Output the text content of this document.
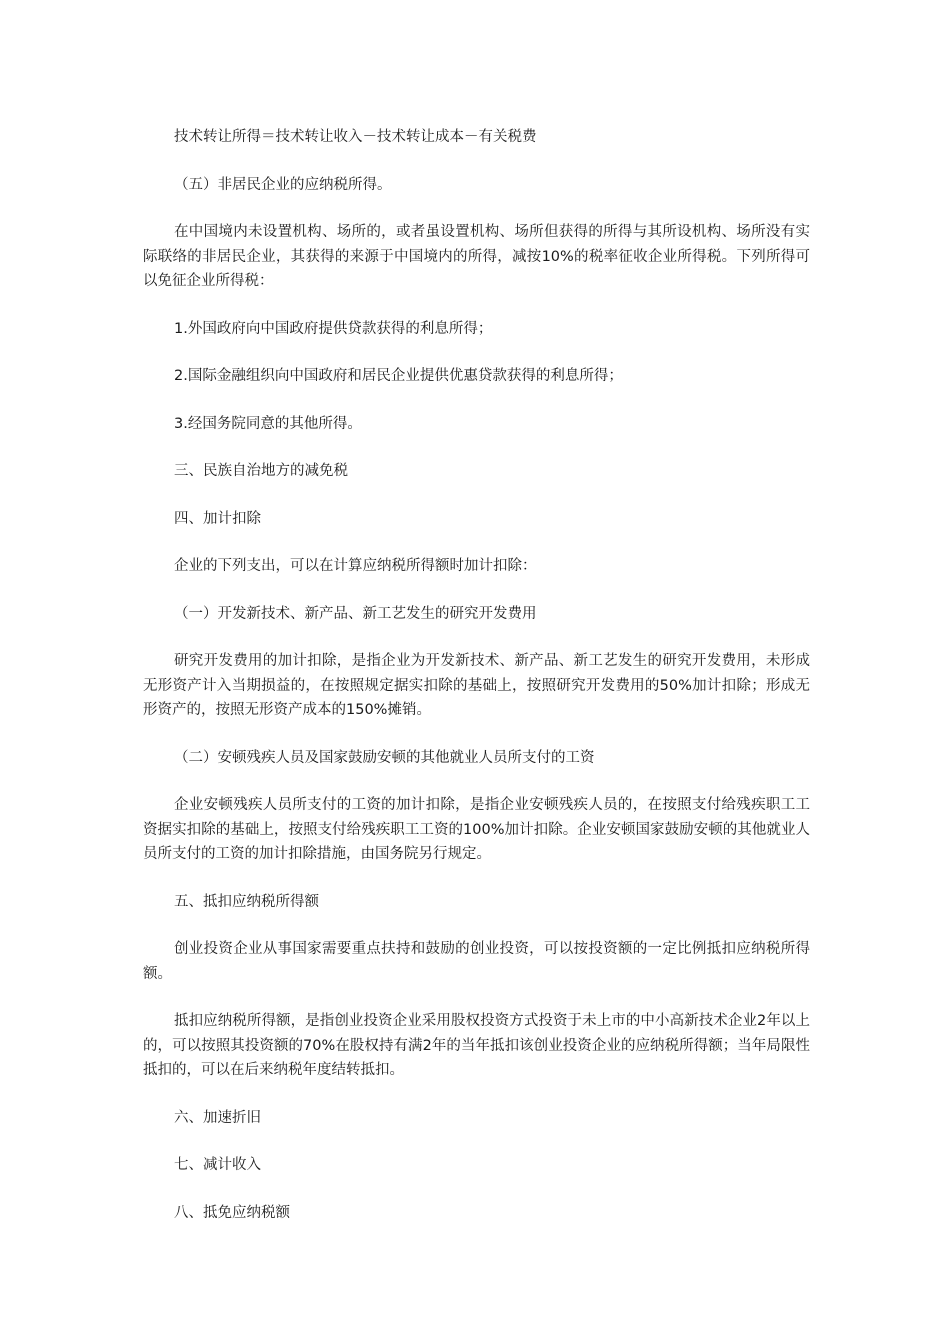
技术转让所得＝技术转让收入－技术转让成本－有关税费

（五）非居民企业的应纳税所得。

在中国境内未设置机构、场所的，或者虽设置机构、场所但获得的所得与其所设机构、场所没有实际联络的非居民企业，其获得的来源于中国境内的所得，减按10%的税率征收企业所得税。下列所得可以免征企业所得税：

1.外国政府向中国政府提供贷款获得的利息所得；

2.国际金融组织向中国政府和居民企业提供优惠贷款获得的利息所得；

3.经国务院同意的其他所得。

三、民族自治地方的减免税

四、加计扣除

企业的下列支出，可以在计算应纳税所得额时加计扣除：

（一）开发新技术、新产品、新工艺发生的研究开发费用

研究开发费用的加计扣除，是指企业为开发新技术、新产品、新工艺发生的研究开发费用，未形成无形资产计入当期损益的，在按照规定据实扣除的基础上，按照研究开发费用的50%加计扣除；形成无形资产的，按照无形资产成本的150%摊销。

（二）安顿残疾人员及国家鼓励安顿的其他就业人员所支付的工资

企业安顿残疾人员所支付的工资的加计扣除，是指企业安顿残疾人员的，在按照支付给残疾职工工资据实扣除的基础上，按照支付给残疾职工工资的100%加计扣除。企业安顿国家鼓励安顿的其他就业人员所支付的工资的加计扣除措施，由国务院另行规定。

五、抵扣应纳税所得额

创业投资企业从事国家需要重点扶持和鼓励的创业投资，可以按投资额的一定比例抵扣应纳税所得额。

抵扣应纳税所得额，是指创业投资企业采用股权投资方式投资于未上市的中小高新技术企业2年以上的，可以按照其投资额的70%在股权持有满2年的当年抵扣该创业投资企业的应纳税所得额；当年局限性抵扣的，可以在后来纳税年度结转抵扣。

六、加速折旧

七、减计收入

八、抵免应纳税额
